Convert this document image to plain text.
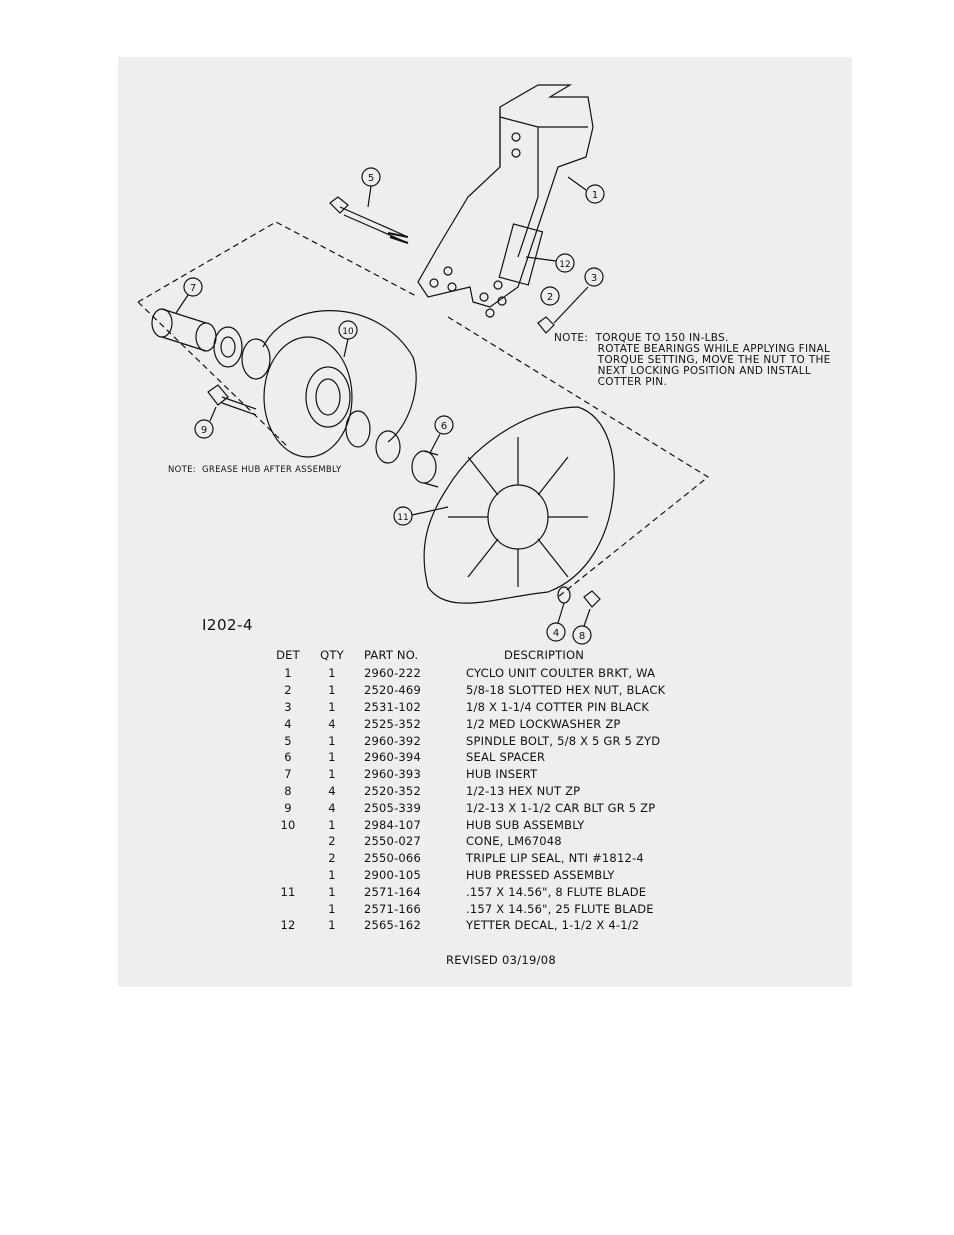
1
2
3
4
5
6
7
8
9
10
11
12
NOTE:  TORQUE TO 150 IN-LBS.
ROTATE BEARINGS WHILE APPLYING FINAL
TORQUE SETTING, MOVE THE NUT TO THE
NEXT LOCKING POSITION AND INSTALL
COTTER PIN.
NOTE:  GREASE HUB AFTER ASSEMBLY
I202-4
DET	QTY	PART NO.	DESCRIPTION
1	1	2960-222	CYCLO UNIT COULTER BRKT, WA
2	1	2520-469	5/8-18 SLOTTED HEX NUT, BLACK
3	1	2531-102	1/8 X 1-1/4 COTTER PIN BLACK
4	4	2525-352	1/2 MED LOCKWASHER ZP
5	1	2960-392	SPINDLE BOLT, 5/8 X 5 GR 5 ZYD
6	1	2960-394	SEAL SPACER
7	1	2960-393	HUB INSERT
8	4	2520-352	1/2-13 HEX NUT ZP
9	4	2505-339	1/2-13 X 1-1/2 CAR BLT GR 5 ZP
10	1	2984-107	HUB SUB ASSEMBLY
	2	2550-027	CONE, LM67048
	2	2550-066	TRIPLE LIP SEAL, NTI #1812-4
	1	2900-105	HUB PRESSED ASSEMBLY
11	1	2571-164	.157 X 14.56", 8 FLUTE BLADE
	1	2571-166	.157 X 14.56", 25 FLUTE BLADE
12	1	2565-162	YETTER DECAL, 1-1/2 X 4-1/2
REVISED 03/19/08
